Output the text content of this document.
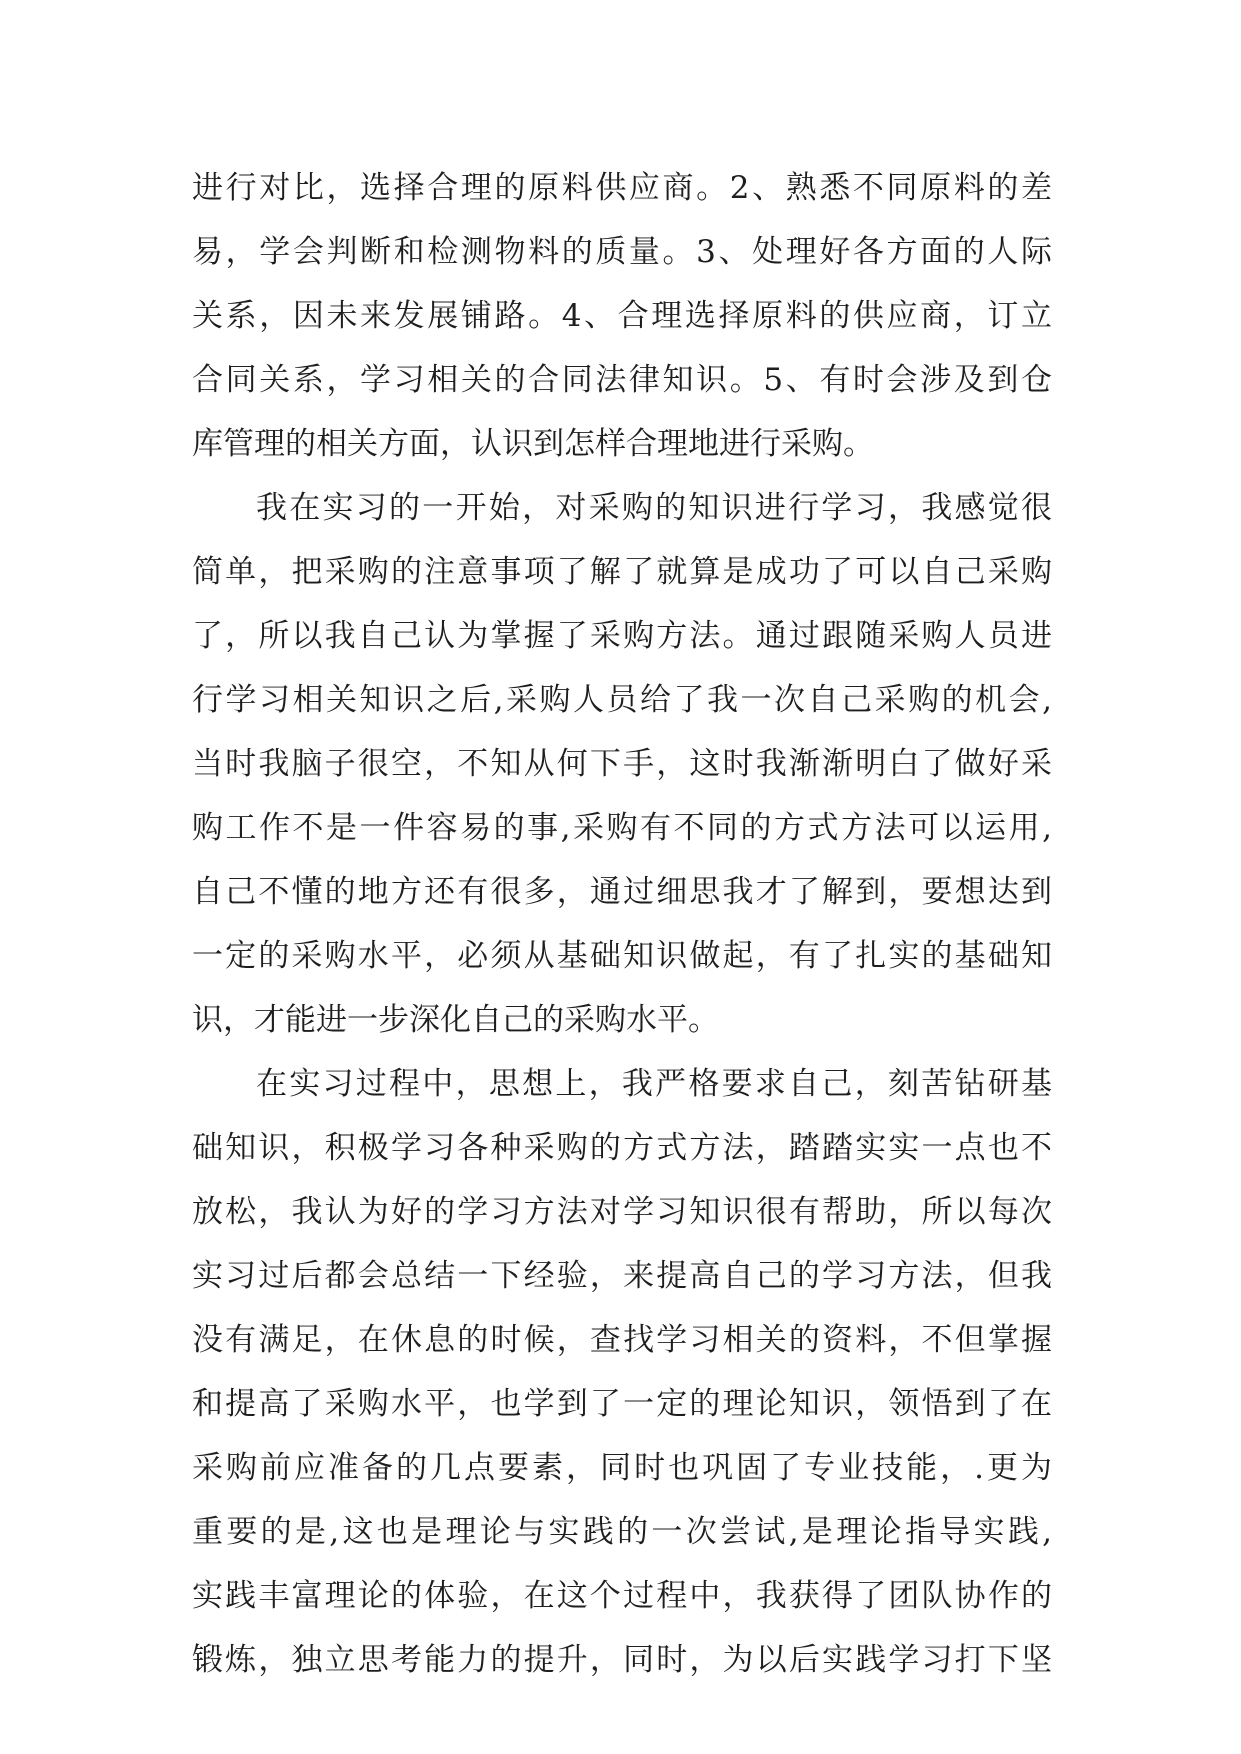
进行对比，选择合理的原料供应商。2、熟悉不同原料的差
易，学会判断和检测物料的质量。3、处理好各方面的人际
关系，因未来发展铺路。4、合理选择原料的供应商，订立
合同关系，学习相关的合同法律知识。5、有时会涉及到仓
库管理的相关方面，认识到怎样合理地进行采购。
我在实习的一开始，对采购的知识进行学习，我感觉很
简单，把采购的注意事项了解了就算是成功了可以自己采购
了，所以我自己认为掌握了采购方法。通过跟随采购人员进
行学习相关知识之后,采购人员给了我一次自己采购的机会,
当时我脑子很空，不知从何下手，这时我渐渐明白了做好采
购工作不是一件容易的事,采购有不同的方式方法可以运用,
自己不懂的地方还有很多，通过细思我才了解到，要想达到
一定的采购水平，必须从基础知识做起，有了扎实的基础知
识，才能进一步深化自己的采购水平。
在实习过程中，思想上，我严格要求自己，刻苦钻研基
础知识，积极学习各种采购的方式方法，踏踏实实一点也不
放松，我认为好的学习方法对学习知识很有帮助，所以每次
实习过后都会总结一下经验，来提高自己的学习方法，但我
没有满足，在休息的时候，查找学习相关的资料，不但掌握
和提高了采购水平，也学到了一定的理论知识，领悟到了在
采购前应准备的几点要素，同时也巩固了专业技能，.更为
重要的是,这也是理论与实践的一次尝试,是理论指导实践,
实践丰富理论的体验，在这个过程中，我获得了团队协作的
锻炼，独立思考能力的提升，同时，为以后实践学习打下坚
